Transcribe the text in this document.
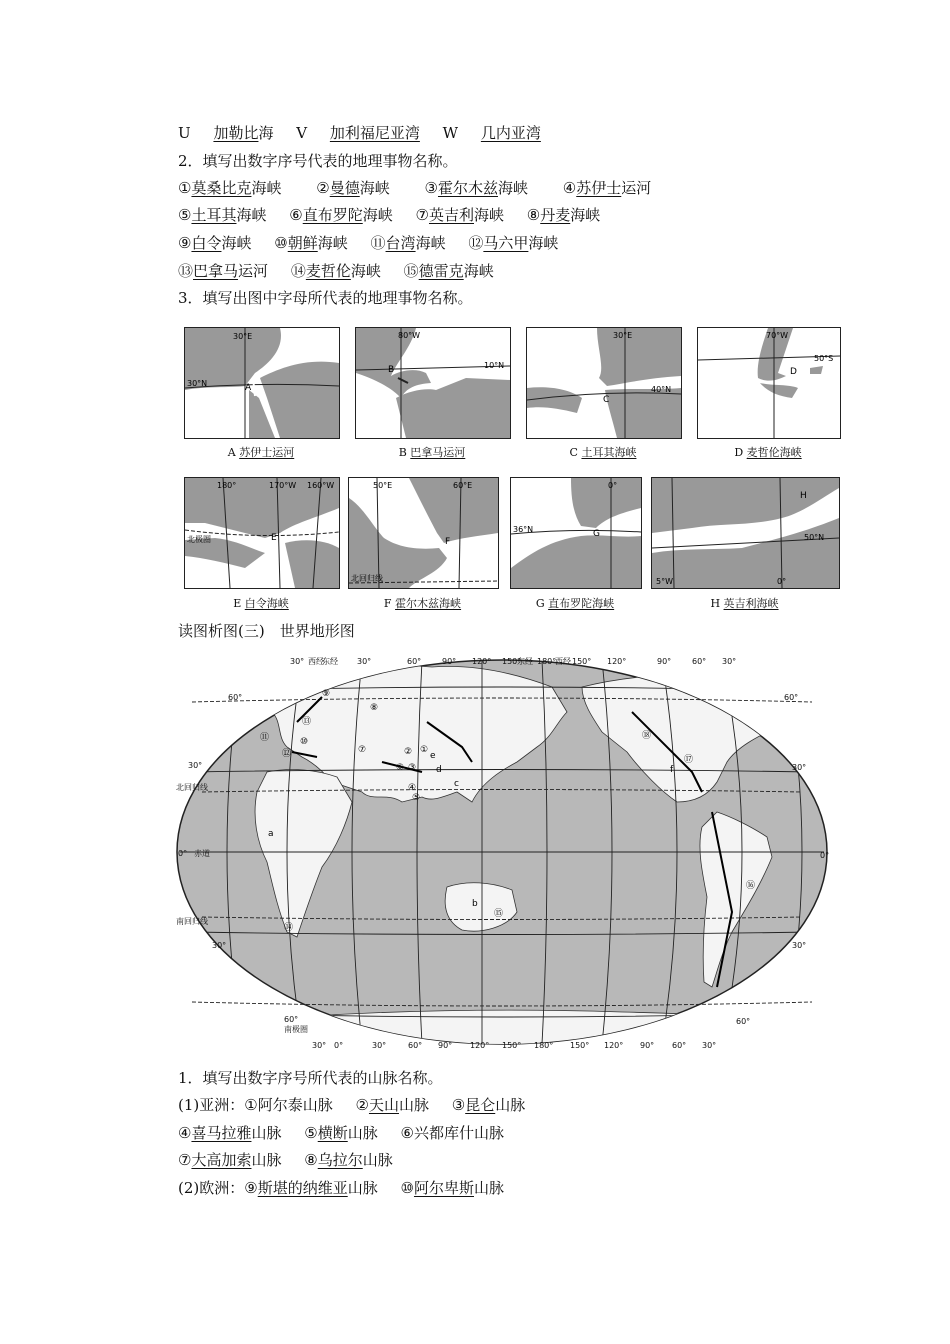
U 加勒比海 V 加利福尼亚湾 W 几内亚湾
2．填写出数字序号代表的地理事物名称。
①莫桑比克海峡 ②曼德海峡 ③霍尔木兹海峡 ④苏伊士运河
⑤土耳其海峡 ⑥直布罗陀海峡 ⑦英吉利海峡 ⑧丹麦海峡
⑨白令海峡 ⑩朝鲜海峡 ⑪台湾海峡 ⑫马六甲海峡
⑬巴拿马运河 ⑭麦哲伦海峡 ⑮德雷克海峡
3．填写出图中字母所代表的地理事物名称。
30°E
30°N	A
A 苏伊士运河
80°W
10°N
B
B 巴拿马运河
30°E
40°N
C
C 土耳其海峡
70°W
50°S
D
D 麦哲伦海峡
180°	170°W 160°W
北极圈	E
E 白令海峡
50°E	60°E
北回归线
F
F 霍尔木兹海峡
0°
36°N	G
G 直布罗陀海峡
50°N
5°W	0°
H
H 英吉利海峡
读图析图(三)　世界地形图
30° 西经
东经 30°	60°	90° 120° 150°
东经 180°
西经 150° 120°	90°	60° 30°
30° 0°	30°	60° 90° 120° 150° 180° 150° 120° 90° 60° 30°
60°
30°
北回归线
0° 赤道
南回归线
30°
60°
南极圈
60°
30°
0°
30°
60°
①
②
③
④
⑤
⑥
⑦
⑧
⑨
⑩
⑪
⑫
⑬
⑭
⑮
⑯
⑰
⑱
a
b
c
d
e
f
1．填写出数字序号所代表的山脉名称。
(1)亚洲：①阿尔泰山脉 ②天山山脉 ③昆仑山脉
④喜马拉雅山脉 ⑤横断山脉 ⑥兴都库什山脉
⑦大高加索山脉 ⑧乌拉尔山脉
(2)欧洲：⑨斯堪的纳维亚山脉 ⑩阿尔卑斯山脉
